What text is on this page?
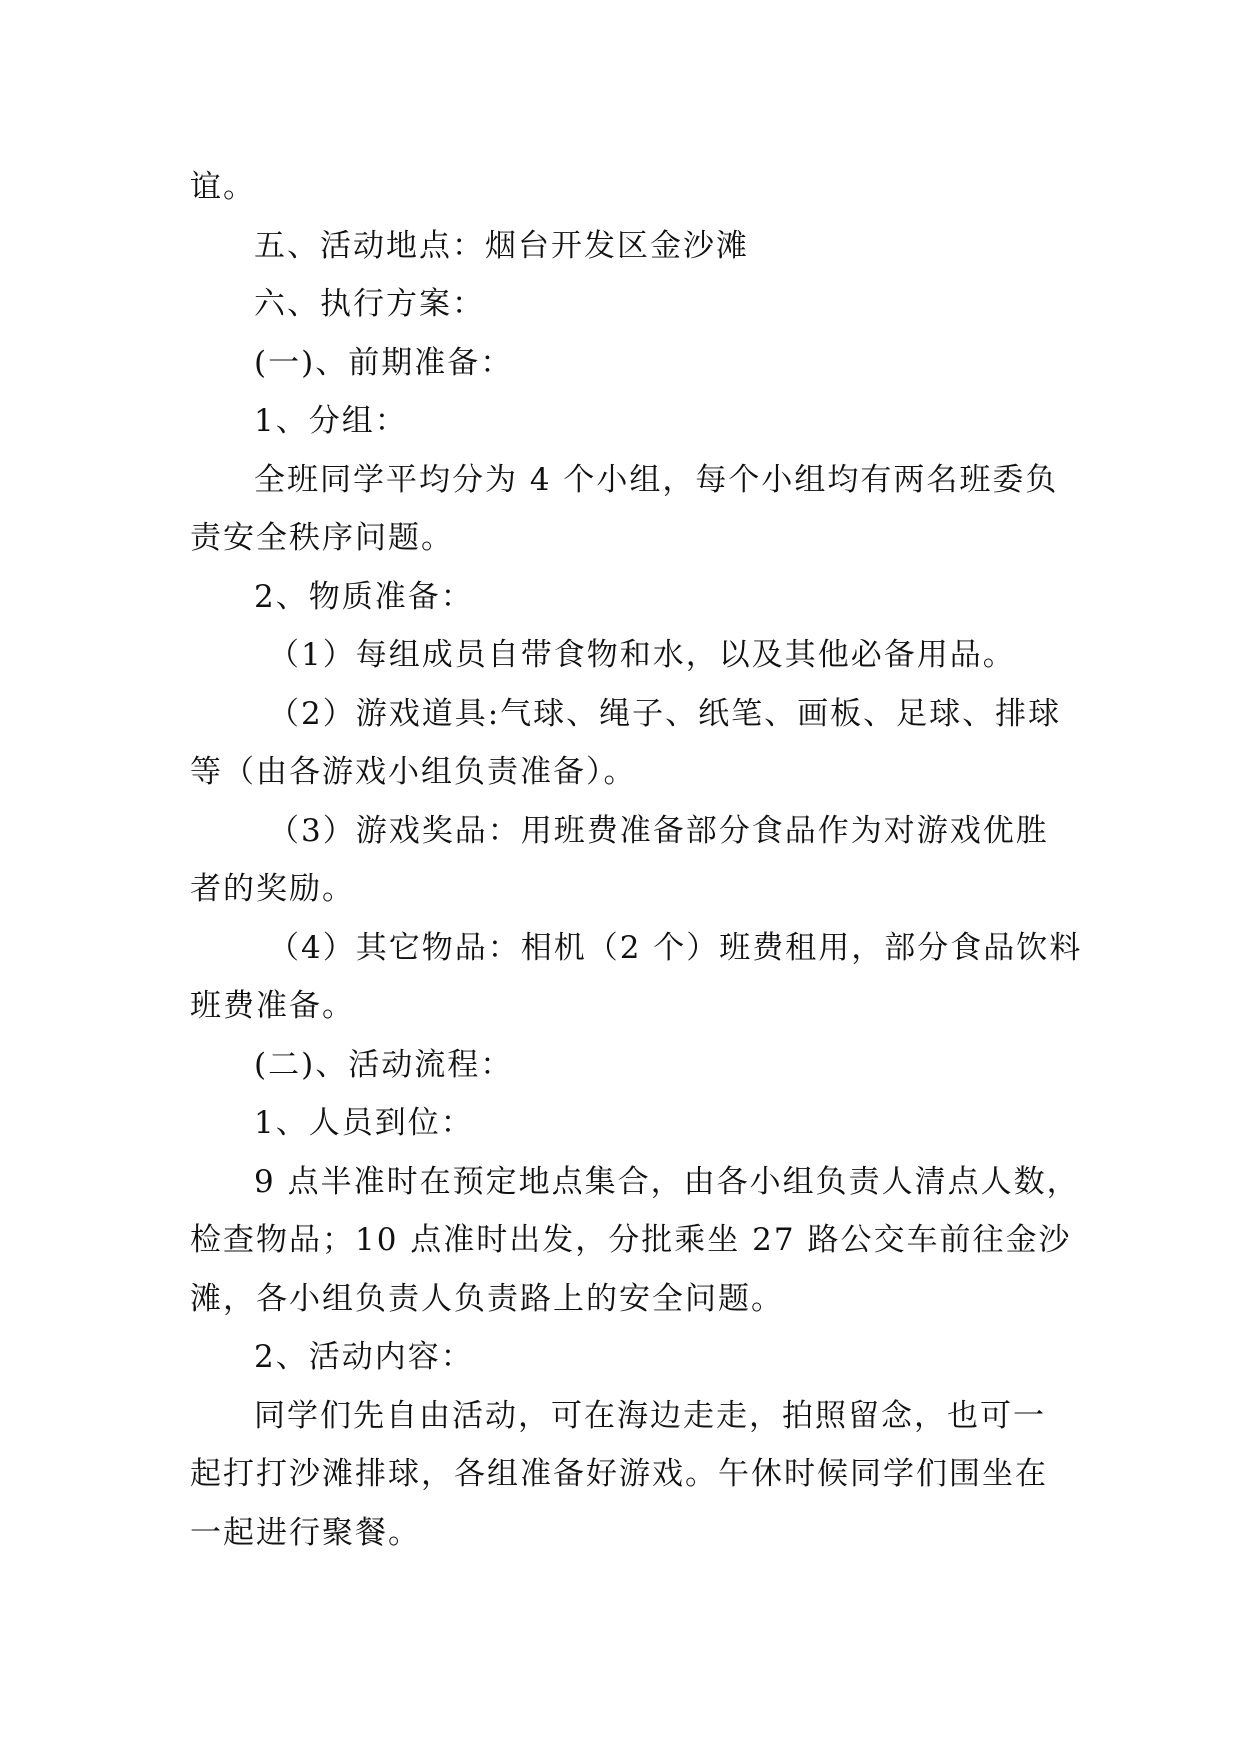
谊。
五、活动地点：烟台开发区金沙滩
六、执行方案：
(一)、前期准备：
1、分组：
全班同学平均分为 4 个小组，每个小组均有两名班委负
责安全秩序问题。
2、物质准备：
（1）每组成员自带食物和水，以及其他必备用品。
（2）游戏道具:气球、绳子、纸笔、画板、足球、排球
等（由各游戏小组负责准备）。
（3）游戏奖品：用班费准备部分食品作为对游戏优胜
者的奖励。
（4）其它物品：相机（2 个）班费租用，部分食品饮料
班费准备。
(二)、活动流程：
1、人员到位：
9 点半准时在预定地点集合，由各小组负责人清点人数，
检查物品；10 点准时出发，分批乘坐 27 路公交车前往金沙
滩，各小组负责人负责路上的安全问题。
2、活动内容：
同学们先自由活动，可在海边走走，拍照留念，也可一
起打打沙滩排球，各组准备好游戏。午休时候同学们围坐在
一起进行聚餐。
